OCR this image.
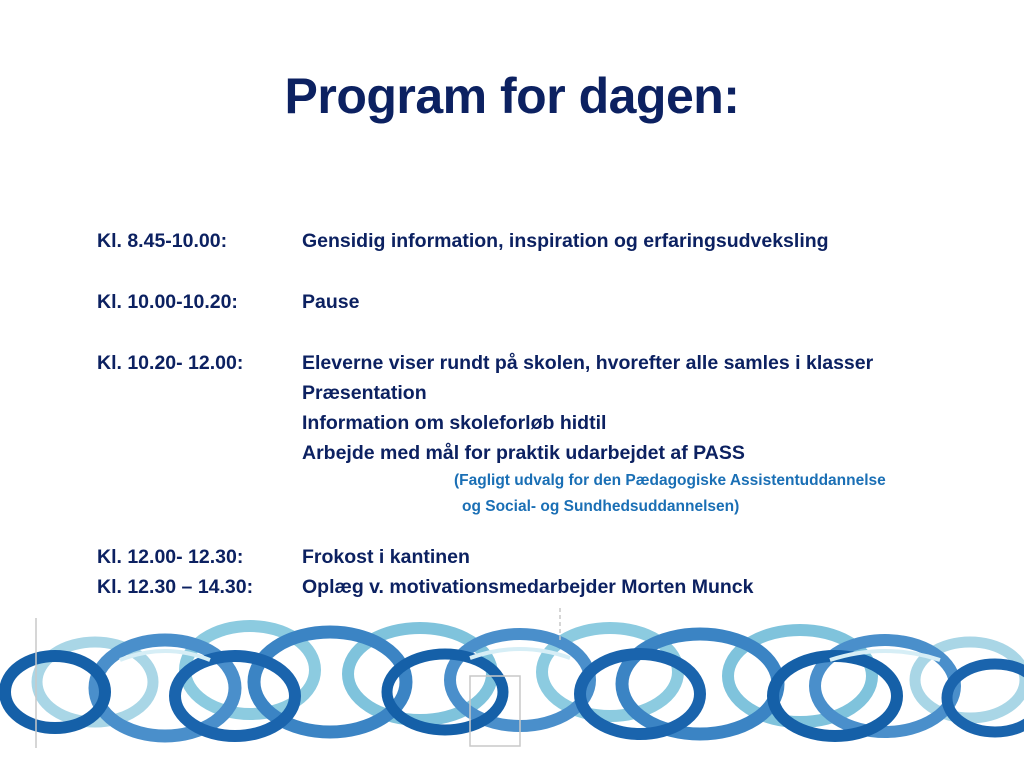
Program for dagen:
Kl. 8.45-10.00:	Gensidig information, inspiration og erfaringsudveksling
Kl. 10.00-10.20:	Pause
Kl. 10.20- 12.00:	Eleverne viser rundt på skolen, hvorefter alle samles i klasser
Præsentation
Information om skoleforløb hidtil
Arbejde med mål for praktik udarbejdet af PASS
(Fagligt udvalg for den Pædagogiske Assistentuddannelse
og Social- og Sundhedsuddannelsen)
Kl. 12.00- 12.30:	Frokost i kantinen
Kl. 12.30 – 14.30:	Oplæg v. motivationsmedarbejder Morten Munck
